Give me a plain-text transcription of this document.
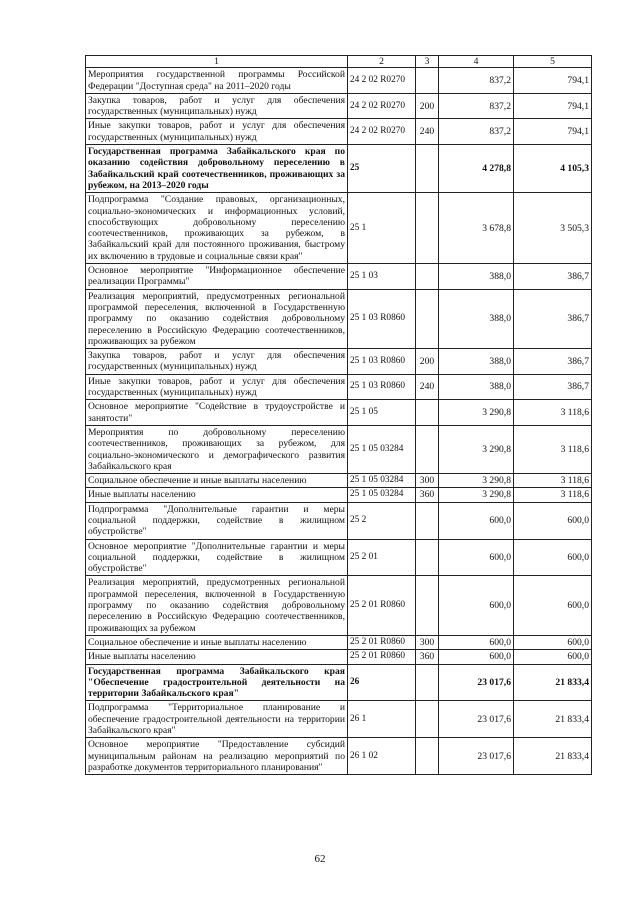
1	2	3	4	5
Мероприятия государственной программы Российской Федерации "Доступная среда" на 2011–2020 годы	24 2 02 R0270		837,2	794,1
Закупка товаров, работ и услуг для обеспечения государственных (муниципальных) нужд	24 2 02 R0270	200	837,2	794,1
Иные закупки товаров, работ и услуг для обеспечения государственных (муниципальных) нужд	24 2 02 R0270	240	837,2	794,1
Государственная программа Забайкальского края по оказанию содействия добровольному переселению в Забайкальский край соотечественников, проживающих за рубежом, на 2013–2020 годы	25		4 278,8	4 105,3
Подпрограмма "Создание правовых, организационных, социально-экономических и информационных условий, способствующих добровольному переселению соотечественников, проживающих за рубежом, в Забайкальский край для постоянного проживания, быстрому их включению в трудовые и социальные связи края"	25 1		3 678,8	3 505,3
Основное мероприятие "Информационное обеспечение реализации Программы"	25 1 03		388,0	386,7
Реализация мероприятий, предусмотренных региональной программой переселения, включенной в Государственную программу по оказанию содействия добровольному переселению в Российскую Федерацию соотечественников, проживающих за рубежом	25 1 03 R0860		388,0	386,7
Закупка товаров, работ и услуг для обеспечения государственных (муниципальных) нужд	25 1 03 R0860	200	388,0	386,7
Иные закупки товаров, работ и услуг для обеспечения государственных (муниципальных) нужд	25 1 03 R0860	240	388,0	386,7
Основное мероприятие "Содействие в трудоустройстве и занятости"	25 1 05		3 290,8	3 118,6
Мероприятия по добровольному переселению соотечественников, проживающих за рубежом, для социально-экономического и демографического развития Забайкальского края	25 1 05 03284		3 290,8	3 118,6
Социальное обеспечение и иные выплаты населению	25 1 05 03284	300	3 290,8	3 118,6
Иные выплаты населению	25 1 05 03284	360	3 290,8	3 118,6
Подпрограмма "Дополнительные гарантии и меры социальной поддержки, содействие в жилищном обустройстве"	25 2		600,0	600,0
Основное мероприятие "Дополнительные гарантии и меры социальной поддержки, содействие в жилищном обустройстве"	25 2 01		600,0	600,0
Реализация мероприятий, предусмотренных региональной программой переселения, включенной в Государственную программу по оказанию содействия добровольному переселению в Российскую Федерацию соотечественников, проживающих за рубежом	25 2 01 R0860		600,0	600,0
Социальное обеспечение и иные выплаты населению	25 2 01 R0860	300	600,0	600,0
Иные выплаты населению	25 2 01 R0860	360	600,0	600,0
Государственная программа Забайкальского края "Обеспечение градостроительной деятельности на территории Забайкальского края"	26		23 017,6	21 833,4
Подпрограмма "Территориальное планирование и обеспечение градостроительной деятельности на территории Забайкальского края"	26 1		23 017,6	21 833,4
Основное мероприятие "Предоставление субсидий муниципальным районам на реализацию мероприятий по разработке документов территориального планирования"	26 1 02		23 017,6	21 833,4
62
